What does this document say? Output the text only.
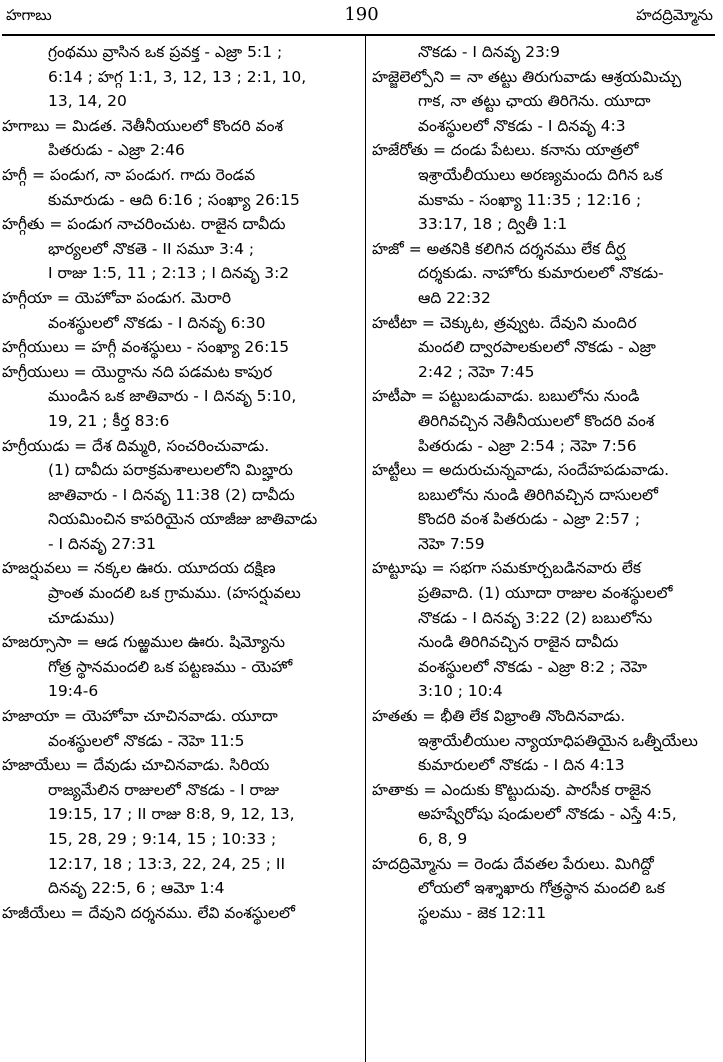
హగాబు	190	హదద్రిమ్మోను
గ్రంథము వ్రాసిన ఒక ప్రవక్త - ఎజ్రా 5:1 ;
6:14 ; హగ్గ 1:1, 3, 12, 13 ; 2:1, 10,
13, 14, 20
హగాబు = మిడత. నెతీనీయులలో కొందరి వంశ
పితరుడు - ఎజ్రా 2:46
హగ్గీ = పండుగ, నా పండుగ. గాదు రెండవ
కుమారుడు - ఆది 6:16 ; సంఖ్యా 26:15
హగ్గీతు = పండుగ నాచరించుట. రాజైన దావీదు
భార్యలలో నొకతె - II సమూ 3:4 ;
I రాజు 1:5, 11 ; 2:13 ; I దినవృ 3:2
హగ్గీయా = యెహోవా పండుగ. మెరారి
వంశస్థులలో నొకడు - I దినవృ 6:30
హగ్గీయులు = హగ్గీ వంశస్థులు - సంఖ్యా 26:15
హగ్రీయులు = యొర్దాను నది పడమట కాపుర
ముండిన ఒక జాతివారు - I దినవృ 5:10,
19, 21 ; కీర్త 83:6
హగ్రీయుడు = దేశ దిమ్మరి, సంచరించువాడు.
(1) దావీదు పరాక్రమశాలులలోని మిబ్హారు
జాతివారు - I దినవృ 11:38 (2) దావీదు
నియమించిన కాపరియైన యాజీజు జాతివాడు
- I దినవృ 27:31
హజర్షువలు = నక్కల ఊరు. యూదయ దక్షిణ
ప్రాంత మందలి ఒక గ్రామము. (హసర్షువలు
చూడుము)
హజర్సూసా = ఆడ గుఱ్ఱముల ఊరు. షిమ్యోను
గోత్ర స్థానమందలి ఒక పట్టణము - యెహో
19:4-6
హజాయా = యెహోవా చూచినవాడు. యూదా
వంశస్థులలో నొకడు - నెహె 11:5
హజాయేలు = దేవుడు చూచినవాడు. సిరియ
రాజ్యమేలిన రాజులలో నొకడు - I రాజు
19:15, 17 ; II రాజు 8:8, 9, 12, 13,
15, 28, 29 ; 9:14, 15 ; 10:33 ;
12:17, 18 ; 13:3, 22, 24, 25 ; II
దినవృ 22:5, 6 ; ఆమో 1:4
హజీయేలు = దేవుని దర్శనము. లేవి వంశస్థులలో
నొకడు - I దినవృ 23:9
హజ్జెలెల్పోని = నా తట్టు తిరుగువాడు ఆశ్రయమిచ్చు
గాక, నా తట్టు ఛాయ తిరిగెను. యూదా
వంశస్థులలో నొకడు - I దినవృ 4:3
హజేరోతు = దండు పేటలు. కనాను యాత్రలో
ఇశ్రాయేలీయులు అరణ్యమందు దిగిన ఒక
మకామ - సంఖ్యా 11:35 ; 12:16 ;
33:17, 18 ; ద్వితీ 1:1
హజో = అతనికి కలిగిన దర్శనము లేక దీర్ఘ
దర్శకుడు. నాహోరు కుమారులలో నొకడు-
ఆది 22:32
హటీటా = చెక్కుట, త్రవ్వుట. దేవుని మందిర
మందలి ద్వారపాలకులలో నొకడు - ఎజ్రా
2:42 ; నెహె 7:45
హటీపా = పట్టుబడువాడు. బబులోను నుండి
తిరిగివచ్చిన నెతీనీయులలో కొందరి వంశ
పితరుడు - ఎజ్రా 2:54 ; నెహె 7:56
హట్టీలు = అదురుచున్నవాడు, సందేహపడువాడు.
బబులోను నుండి తిరిగివచ్చిన దాసులలో
కొందరి వంశ పితరుడు - ఎజ్రా 2:57 ;
నెహె 7:59
హట్టూషు = సభగా సమకూర్చబడినవారు లేక
ప్రతివాది. (1) యూదా రాజుల వంశస్థులలో
నొకడు - I దినవృ 3:22 (2) బబులోను
నుండి తిరిగివచ్చిన రాజైన దావీదు
వంశస్థులలో నొకడు - ఎజ్రా 8:2 ; నెహె
3:10 ; 10:4
హతతు = భీతి లేక విభ్రాంతి నొందినవాడు.
ఇశ్రాయేలీయుల న్యాయాధిపతియైన ఒత్నీయేలు
కుమారులలో నొకడు - I దిన 4:13
హతాకు = ఎందుకు కొట్టుదువు. పారసీక రాజైన
అహష్వేరోషు షండులలో నొకడు - ఎస్తే 4:5,
6, 8, 9
హదద్రిమ్మోను = రెండు దేవతల పేరులు. మిగిద్దో
లోయలో ఇశ్శాఖారు గోత్రస్థాన మందలి ఒక
స్థలము - జెక 12:11
